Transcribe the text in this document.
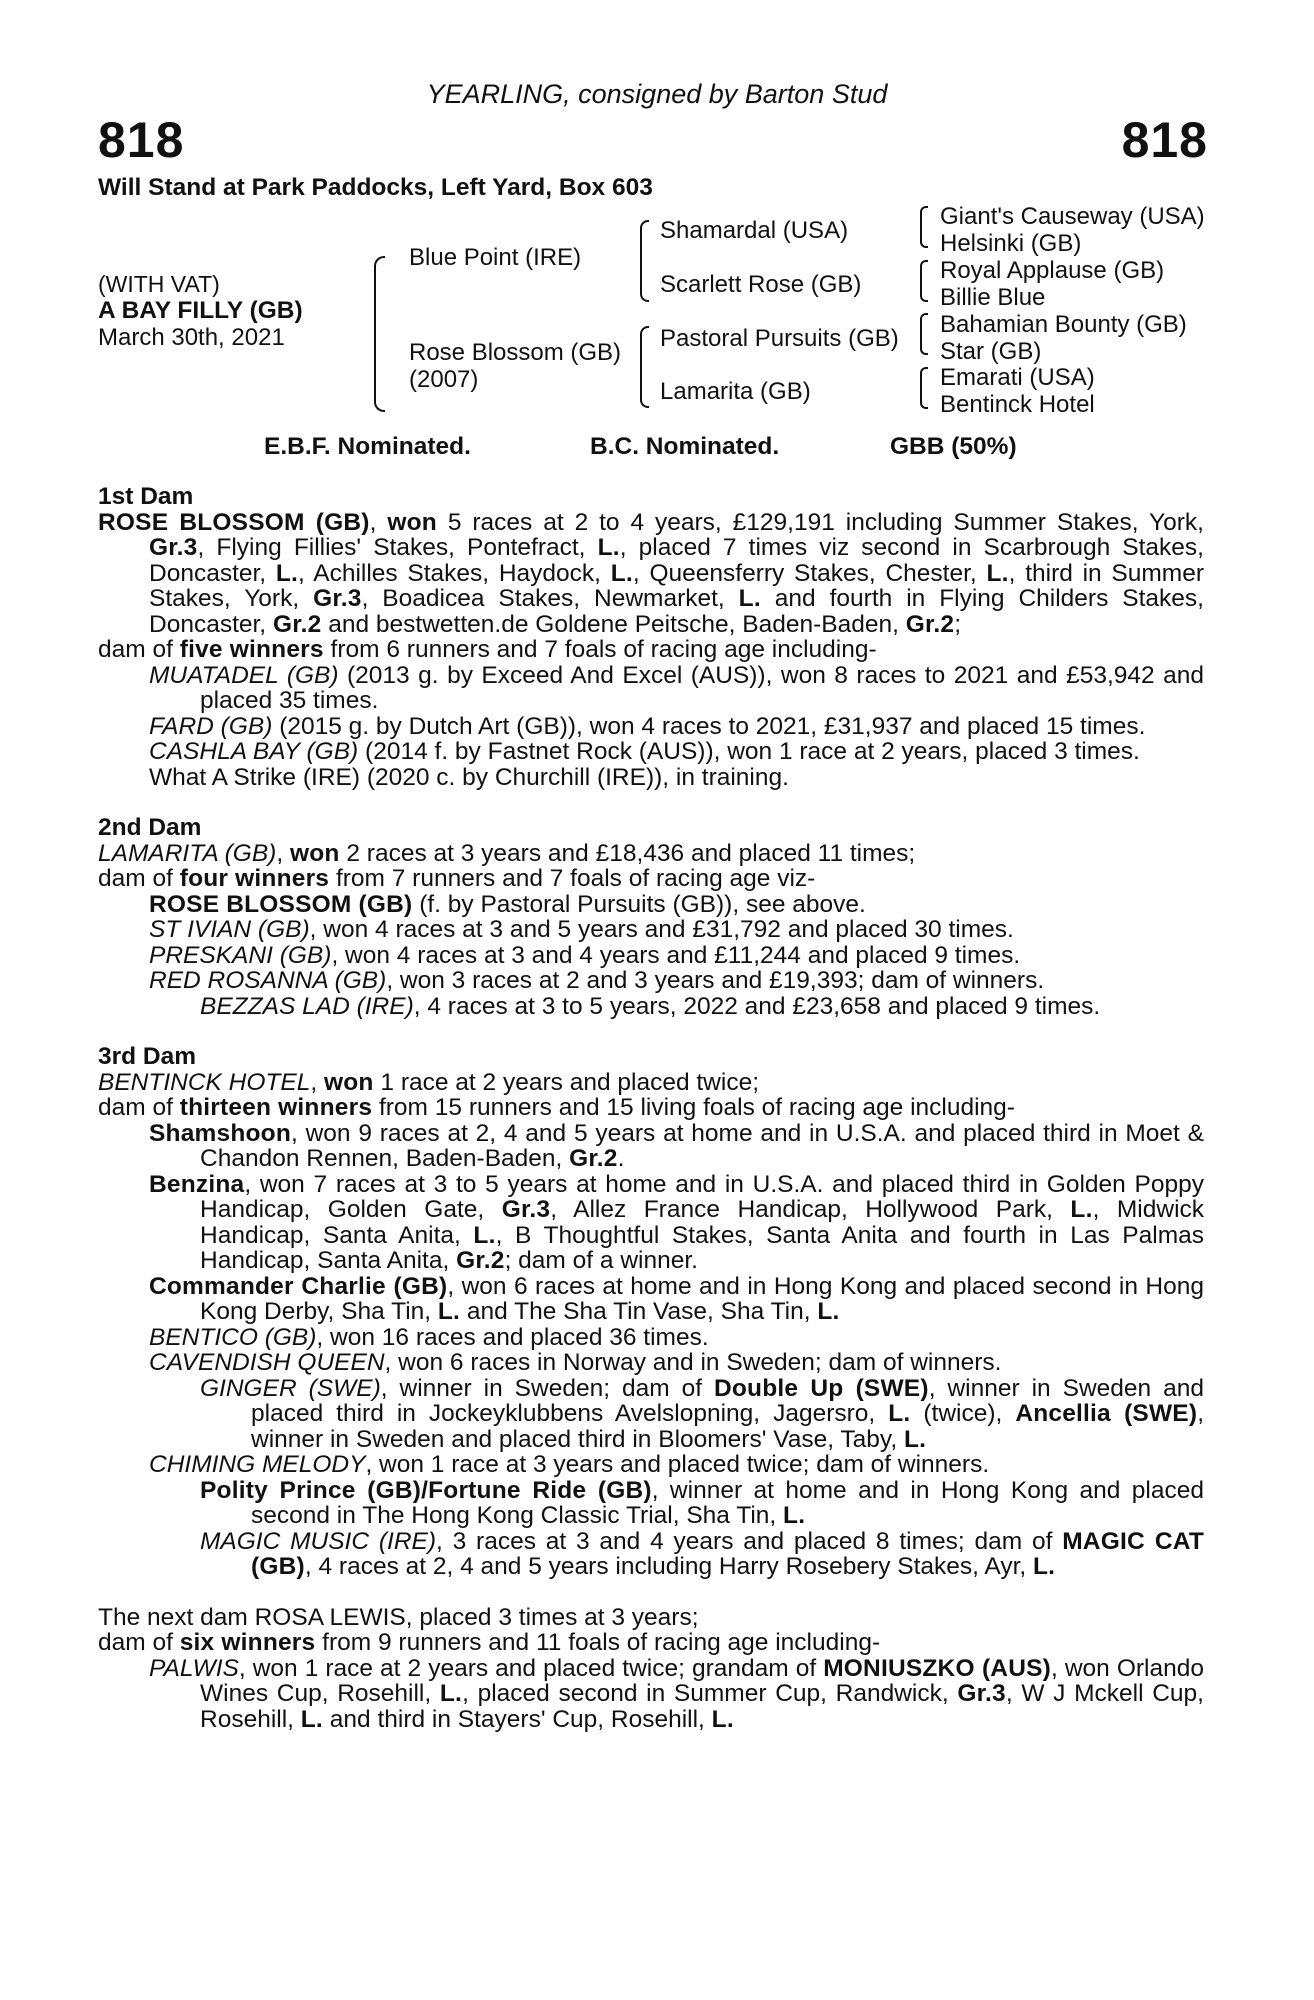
YEARLING, consigned by Barton Stud
818	818
Will Stand at Park Paddocks, Left Yard, Box 603
(WITH VAT)
A BAY FILLY (GB)
March 30th, 2021
Blue Point (IRE)
Rose Blossom (GB)
(2007)
Shamardal (USA)
Scarlett Rose (GB)
Pastoral Pursuits (GB)
Lamarita (GB)
Giant's Causeway (USA)
Helsinki (GB)
Royal Applause (GB)
Billie Blue
Bahamian Bounty (GB)
Star (GB)
Emarati (USA)
Bentinck Hotel
E.B.F. Nominated.	B.C. Nominated.	GBB (50%)
1st Dam

ROSE BLOSSOM (GB), won 5 races at 2 to 4 years, £129,191 including Summer Stakes, York, Gr.3, Flying Fillies' Stakes, Pontefract, L., placed 7 times viz second in Scarbrough Stakes, Doncaster, L., Achilles Stakes, Haydock, L., Queensferry Stakes, Chester, L., third in Summer Stakes, York, Gr.3, Boadicea Stakes, Newmarket, L. and fourth in Flying Childers Stakes, Doncaster, Gr.2 and bestwetten.de Goldene Peitsche, Baden-Baden, Gr.2;

dam of five winners from 6 runners and 7 foals of racing age including-

MUATADEL (GB) (2013 g. by Exceed And Excel (AUS)), won 8 races to 2021 and £53,942 and placed 35 times.

FARD (GB) (2015 g. by Dutch Art (GB)), won 4 races to 2021, £31,937 and placed 15 times.

CASHLA BAY (GB) (2014 f. by Fastnet Rock (AUS)), won 1 race at 2 years, placed 3 times.

What A Strike (IRE) (2020 c. by Churchill (IRE)), in training.

2nd Dam

LAMARITA (GB), won 2 races at 3 years and £18,436 and placed 11 times;

dam of four winners from 7 runners and 7 foals of racing age viz-

ROSE BLOSSOM (GB) (f. by Pastoral Pursuits (GB)), see above.

ST IVIAN (GB), won 4 races at 3 and 5 years and £31,792 and placed 30 times.

PRESKANI (GB), won 4 races at 3 and 4 years and £11,244 and placed 9 times.

RED ROSANNA (GB), won 3 races at 2 and 3 years and £19,393; dam of winners.

BEZZAS LAD (IRE), 4 races at 3 to 5 years, 2022 and £23,658 and placed 9 times.

3rd Dam

BENTINCK HOTEL, won 1 race at 2 years and placed twice;

dam of thirteen winners from 15 runners and 15 living foals of racing age including-

Shamshoon, won 9 races at 2, 4 and 5 years at home and in U.S.A. and placed third in Moet & Chandon Rennen, Baden-Baden, Gr.2.

Benzina, won 7 races at 3 to 5 years at home and in U.S.A. and placed third in Golden Poppy Handicap, Golden Gate, Gr.3, Allez France Handicap, Hollywood Park, L., Midwick Handicap, Santa Anita, L., B Thoughtful Stakes, Santa Anita and fourth in Las Palmas Handicap, Santa Anita, Gr.2; dam of a winner.

Commander Charlie (GB), won 6 races at home and in Hong Kong and placed second in Hong Kong Derby, Sha Tin, L. and The Sha Tin Vase, Sha Tin, L.

BENTICO (GB), won 16 races and placed 36 times.

CAVENDISH QUEEN, won 6 races in Norway and in Sweden; dam of winners.

GINGER (SWE), winner in Sweden; dam of Double Up (SWE), winner in Sweden and placed third in Jockeyklubbens Avelslopning, Jagersro, L. (twice), Ancellia (SWE), winner in Sweden and placed third in Bloomers' Vase, Taby, L.

CHIMING MELODY, won 1 race at 3 years and placed twice; dam of winners.

Polity Prince (GB)/Fortune Ride (GB), winner at home and in Hong Kong and placed second in The Hong Kong Classic Trial, Sha Tin, L.

MAGIC MUSIC (IRE), 3 races at 3 and 4 years and placed 8 times; dam of MAGIC CAT (GB), 4 races at 2, 4 and 5 years including Harry Rosebery Stakes, Ayr, L.

The next dam ROSA LEWIS, placed 3 times at 3 years;

dam of six winners from 9 runners and 11 foals of racing age including-

PALWIS, won 1 race at 2 years and placed twice; grandam of MONIUSZKO (AUS), won Orlando Wines Cup, Rosehill, L., placed second in Summer Cup, Randwick, Gr.3, W J Mckell Cup, Rosehill, L. and third in Stayers' Cup, Rosehill, L.
